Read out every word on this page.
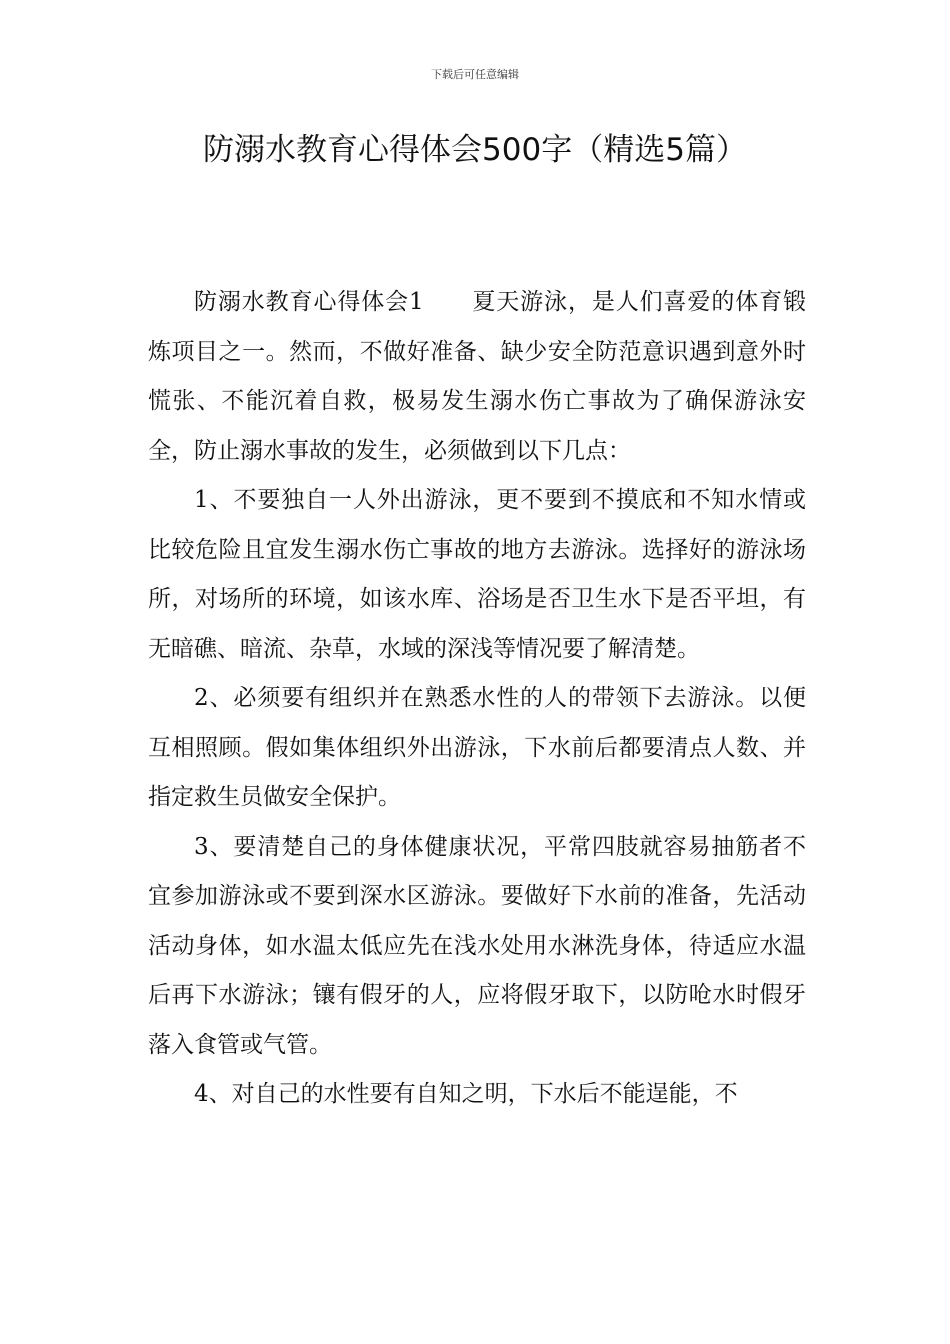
下载后可任意编辑
防溺水教育心得体会500字（精选5篇）

防溺水教育心得体会1　　夏天游泳，是人们喜爱的体育锻炼项目之一。然而，不做好准备、缺少安全防范意识遇到意外时慌张、不能沉着自救，极易发生溺水伤亡事故为了确保游泳安全，防止溺水事故的发生，必须做到以下几点：

1、不要独自一人外出游泳，更不要到不摸底和不知水情或比较危险且宜发生溺水伤亡事故的地方去游泳。选择好的游泳场所，对场所的环境，如该水库、浴场是否卫生水下是否平坦，有无暗礁、暗流、杂草，水域的深浅等情况要了解清楚。

2、必须要有组织并在熟悉水性的人的带领下去游泳。以便互相照顾。假如集体组织外出游泳，下水前后都要清点人数、并指定救生员做安全保护。

3、要清楚自己的身体健康状况，平常四肢就容易抽筋者不宜参加游泳或不要到深水区游泳。要做好下水前的准备，先活动活动身体，如水温太低应先在浅水处用水淋洗身体，待适应水温后再下水游泳；镶有假牙的人，应将假牙取下，以防呛水时假牙落入食管或气管。

4、对自己的水性要有自知之明，下水后不能逞能，不
